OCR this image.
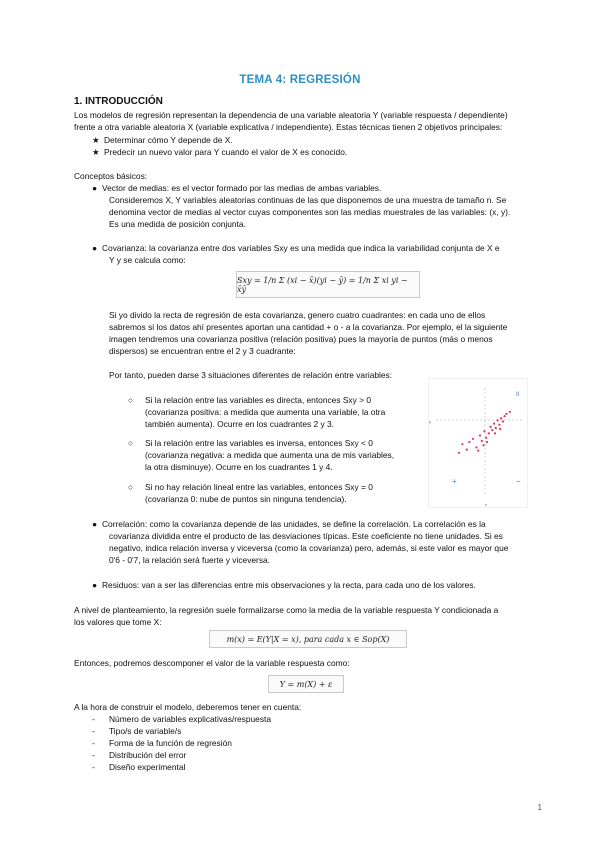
TEMA 4: REGRESIÓN
1. INTRODUCCIÓN
Los modelos de regresión representan la dependencia de una variable aleatoria Y (variable respuesta / dependiente)
frente a otra variable aleatoria X (variable explicativa / independiente). Estas técnicas tienen 2 objetivos principales:
★ Determinar cómo Y depende de X.
★ Predecir un nuevo valor para Y cuando el valor de X es conocido.
Conceptos básicos:
● Vector de medias: es el vector formado por las medias de ambas variables.
Consideremos X, Y variables aleatorias continuas de las que disponemos de una muestra de tamaño n. Se
denomina vector de medias al vector cuyas componentes son las medias muestrales de las variables: (x, y).
Es una medida de posición conjunta.
● Covarianza: la covarianza entre dos variables Sxy es una medida que indica la variabilidad conjunta de X e
Y y se calcula como:
Sxy = 1/n Σ (xi − x̄)(yi − ȳ) = 1/n Σ xi yi − x̄ȳ
Si yo divido la recta de regresión de esta covarianza, genero cuatro cuadrantes: en cada uno de ellos
sabremos si los datos ahí presentes aportan una cantidad + o - a la covarianza. Por ejemplo, el la siguiente
imagen tendremos una covarianza positiva (relación positiva) pues la mayoría de puntos (más o menos
dispersos) se encuentran entre el 2 y 3 cuadrante:
Por tanto, pueden darse 3 situaciones diferentes de relación entre variables:
○	Si la relación entre las variables es directa, entonces Sxy > 0
(covarianza positiva: a medida que aumenta una variable, la otra
también aumenta). Ocurre en los cuadrantes 2 y 3.
○	Si la relación entre las variables es inversa, entonces Sxy < 0
(covarianza negativa: a medida que aumenta una de mis variables,
la otra disminuye). Ocurre en los cuadrantes 1 y 4.
○	Si no hay relación lineal entre las variables, entonces Sxy = 0
(covarianza 0: nube de puntos sin ninguna tendencia).
II
+	−
y
x
● Correlación: como la covarianza depende de las unidades, se define la correlación. La correlación es la
covarianza dividida entre el producto de las desviaciones típicas. Este coeficiente no tiene unidades. Si es
negativo, indica relación inversa y viceversa (como la covarianza) pero, además, si este valor es mayor que
0'6 - 0'7, la relación será fuerte y viceversa.
● Residuos: van a ser las diferencias entre mis observaciones y la recta, para cada uno de los valores.
A nivel de planteamiento, la regresión suele formalizarse como la media de la variable respuesta Y condicionada a
los valores que tome X:
m(x) = E(Y|X = x), para cada x ∈ Sop(X)
Entonces, podremos descomponer el valor de la variable respuesta como:
Y = m(X) + ε
A la hora de construir el modelo, deberemos tener en cuenta:
-	Número de variables explicativas/respuesta
-	Tipo/s de variable/s
-	Forma de la función de regresión
-	Distribución del error
-	Diseño experimental
1
